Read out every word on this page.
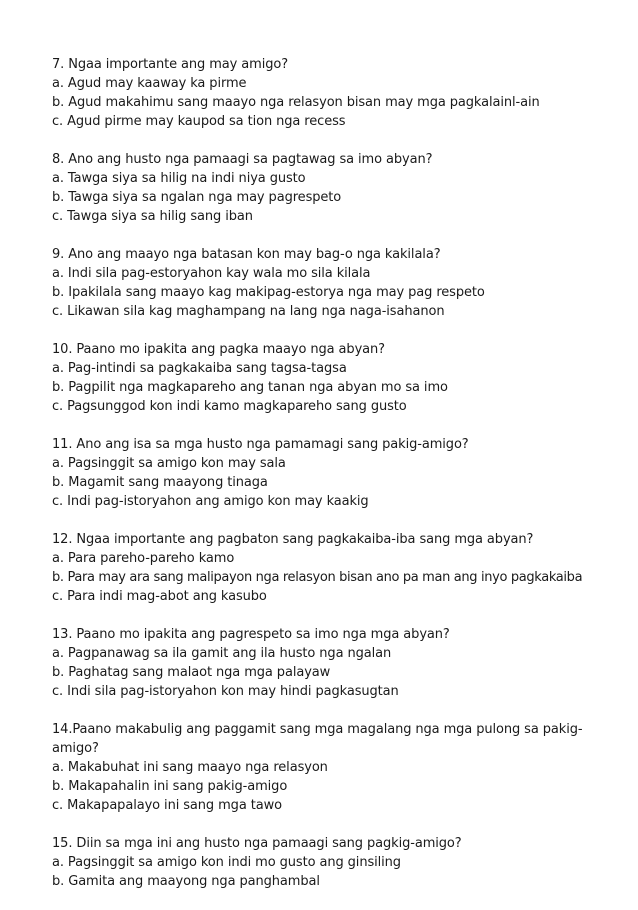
7. Ngaa importante ang may amigo?
a. Agud may kaaway ka pirme
b. Agud makahimu sang maayo nga relasyon bisan may mga pagkalainl-ain
c. Agud pirme may kaupod sa tion nga recess
8. Ano ang husto nga pamaagi sa pagtawag sa imo abyan?
a. Tawga siya sa hilig na indi niya gusto
b. Tawga siya sa ngalan nga may pagrespeto
c. Tawga siya sa hilig sang iban
9. Ano ang maayo nga batasan kon may bag-o nga kakilala?
a. Indi sila pag-estoryahon kay wala mo sila kilala
b. Ipakilala sang maayo kag makipag-estorya nga may pag respeto
c. Likawan sila kag maghampang na lang nga naga-isahanon
10. Paano mo ipakita ang pagka maayo nga abyan?
a. Pag-intindi sa pagkakaiba sang tagsa-tagsa
b. Pagpilit nga magkapareho ang tanan nga abyan mo sa imo
c. Pagsunggod kon indi kamo magkapareho sang gusto
11. Ano ang isa sa mga husto nga pamamagi sang pakig-amigo?
a. Pagsinggit sa amigo kon may sala
b. Magamit sang maayong tinaga
c. Indi pag-istoryahon ang amigo kon may kaakig
12. Ngaa importante ang pagbaton sang pagkakaiba-iba sang mga abyan?
a. Para pareho-pareho kamo
b. Para may ara sang malipayon nga relasyon bisan ano pa man ang inyo pagkakaiba
c. Para indi mag-abot ang kasubo
13. Paano mo ipakita ang pagrespeto sa imo nga mga abyan?
a. Pagpanawag sa ila gamit ang ila husto nga ngalan
b. Paghatag sang malaot nga mga palayaw
c. Indi sila pag-istoryahon kon may hindi pagkasugtan
14.Paano makabulig ang paggamit sang mga magalang nga mga pulong sa pakig-amigo?
a. Makabuhat ini sang maayo nga relasyon
b. Makapahalin ini sang pakig-amigo
c. Makapapalayo ini sang mga tawo
15. Diin sa mga ini ang husto nga pamaagi sang pagkig-amigo?
a. Pagsinggit sa amigo kon indi mo gusto ang ginsiling
b. Gamita ang maayong nga panghambal
